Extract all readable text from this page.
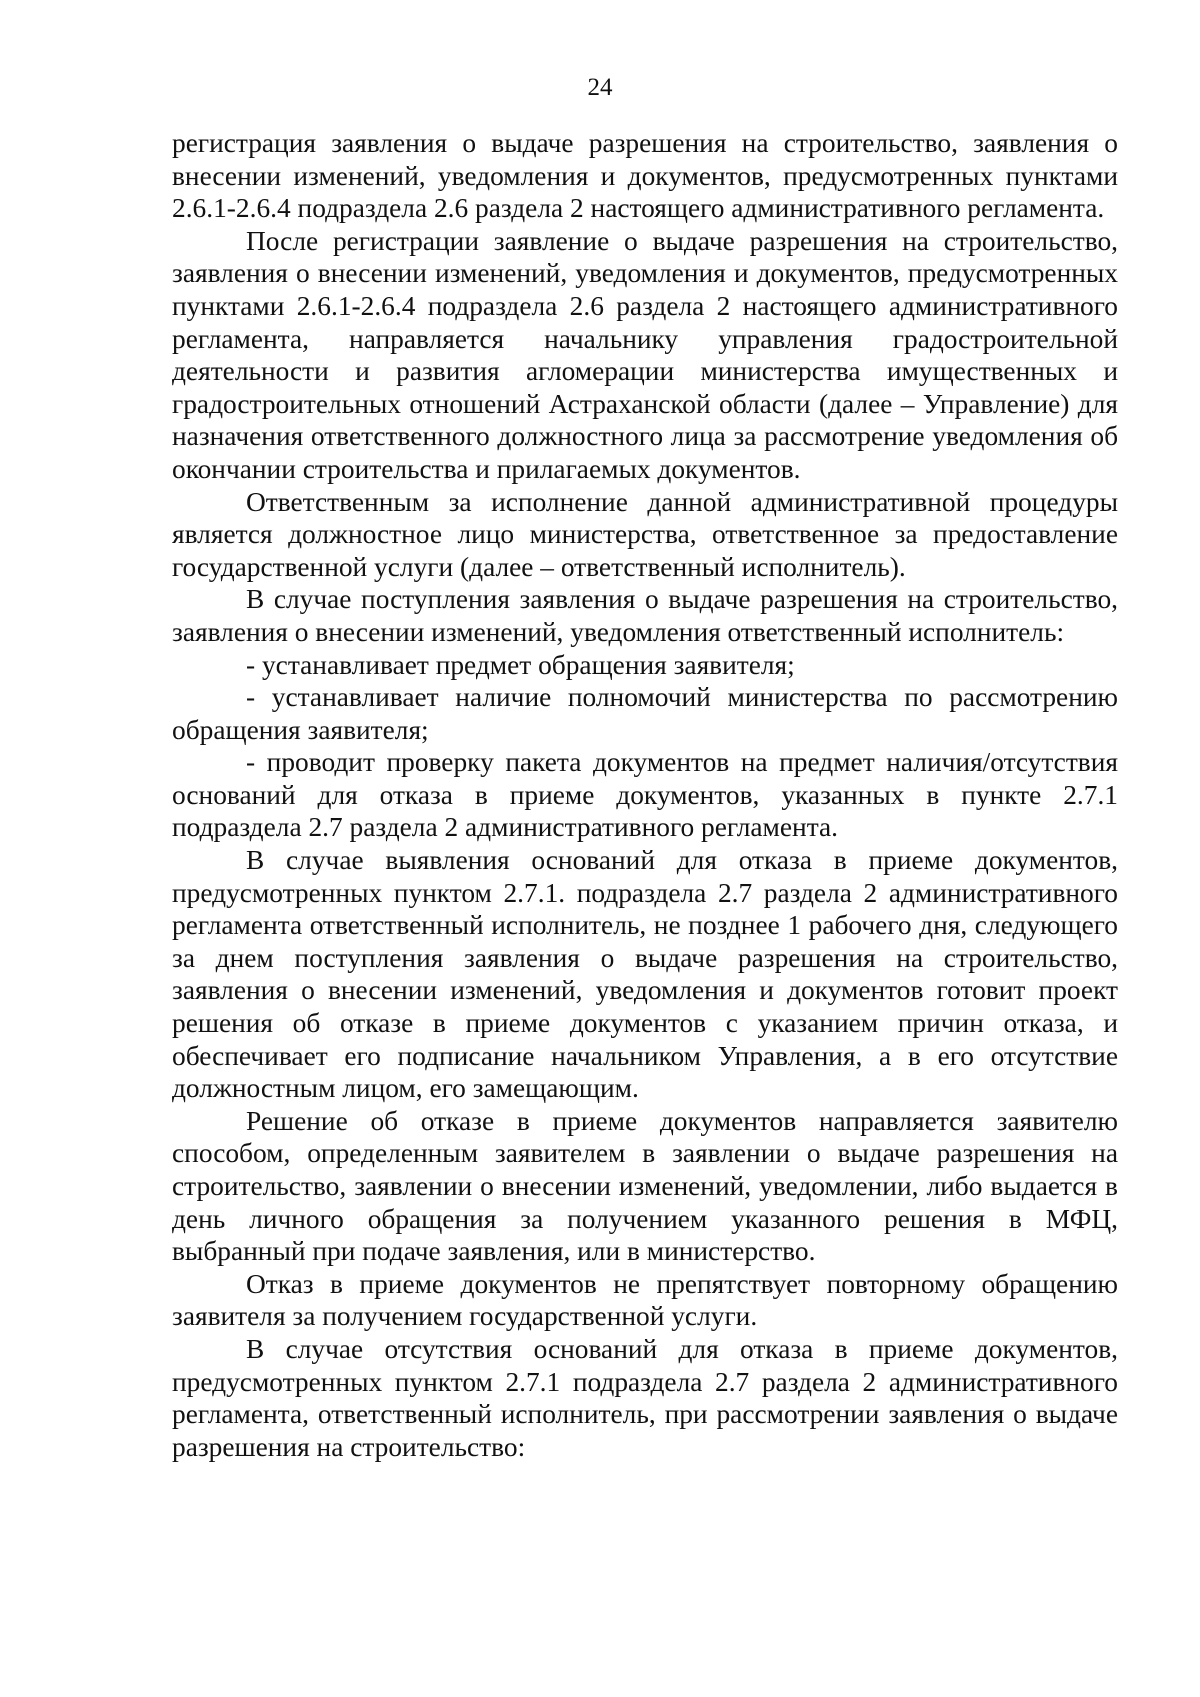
24

регистрация заявления о выдаче разрешения на строительство, заявления о внесении изменений, уведомления и документов, предусмотренных пунктами 2.6.1-2.6.4 подраздела 2.6 раздела 2 настоящего административного регламента.

После регистрации заявление о выдаче разрешения на строительство, заявления о внесении изменений, уведомления и документов, предусмотренных пунктами 2.6.1-2.6.4 подраздела 2.6 раздела 2 настоящего административного регламента, направляется начальнику управления градостроительной деятельности и развития агломерации министерства имущественных и градостроительных отношений Астраханской области (далее – Управление) для назначения ответственного должностного лица за рассмотрение уведомления об окончании строительства и прилагаемых документов.

Ответственным за исполнение данной административной процедуры является должностное лицо министерства, ответственное за предоставление государственной услуги (далее – ответственный исполнитель).

В случае поступления заявления о выдаче разрешения на строительство, заявления о внесении изменений, уведомления ответственный исполнитель:

- устанавливает предмет обращения заявителя;

- устанавливает наличие полномочий министерства по рассмотрению обращения заявителя;

- проводит проверку пакета документов на предмет наличия/отсутствия оснований для отказа в приеме документов, указанных в пункте 2.7.1 подраздела 2.7 раздела 2 административного регламента.

В случае выявления оснований для отказа в приеме документов, предусмотренных пунктом 2.7.1. подраздела 2.7 раздела 2 административного регламента ответственный исполнитель, не позднее 1 рабочего дня, следующего за днем поступления заявления о выдаче разрешения на строительство, заявления о внесении изменений, уведомления и документов готовит проект решения об отказе в приеме документов с указанием причин отказа, и обеспечивает его подписание начальником Управления, а в его отсутствие должностным лицом, его замещающим.

Решение об отказе в приеме документов направляется заявителю способом, определенным заявителем в заявлении о выдаче разрешения на строительство, заявлении о внесении изменений, уведомлении, либо выдается в день личного обращения за получением указанного решения в МФЦ, выбранный при подаче заявления, или в министерство.

Отказ в приеме документов не препятствует повторному обращению заявителя за получением государственной услуги.

В случае отсутствия оснований для отказа в приеме документов, предусмотренных пунктом 2.7.1 подраздела 2.7 раздела 2 административного регламента, ответственный исполнитель, при рассмотрении заявления о выдаче разрешения на строительство:
